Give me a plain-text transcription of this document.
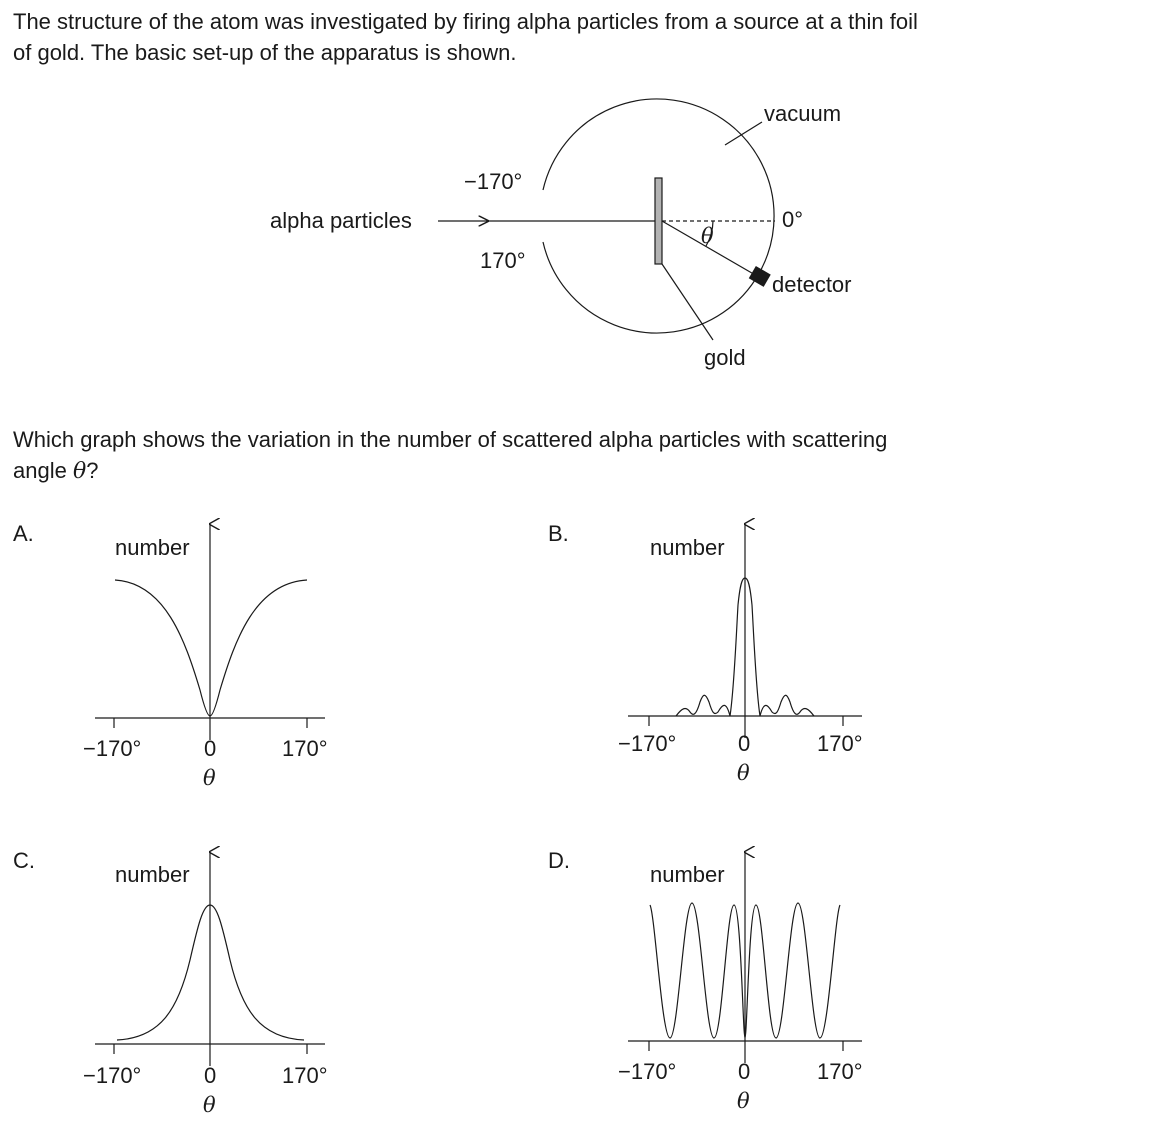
The structure of the atom was investigated by firing alpha particles from a source at a thin foil
of gold. The basic set-up of the apparatus is shown.
Which graph shows the variation in the number of scattered alpha particles with scattering
angle θ?
A.	B.
C.	D.
vacuum
−170°
170°
alpha particles	0°
θ
detector
gold
number
−170°	0	170°
θ
number
−170°	0	170°
θ
number
−170°	0	170°
θ
number
−170°	0	170°
θ
